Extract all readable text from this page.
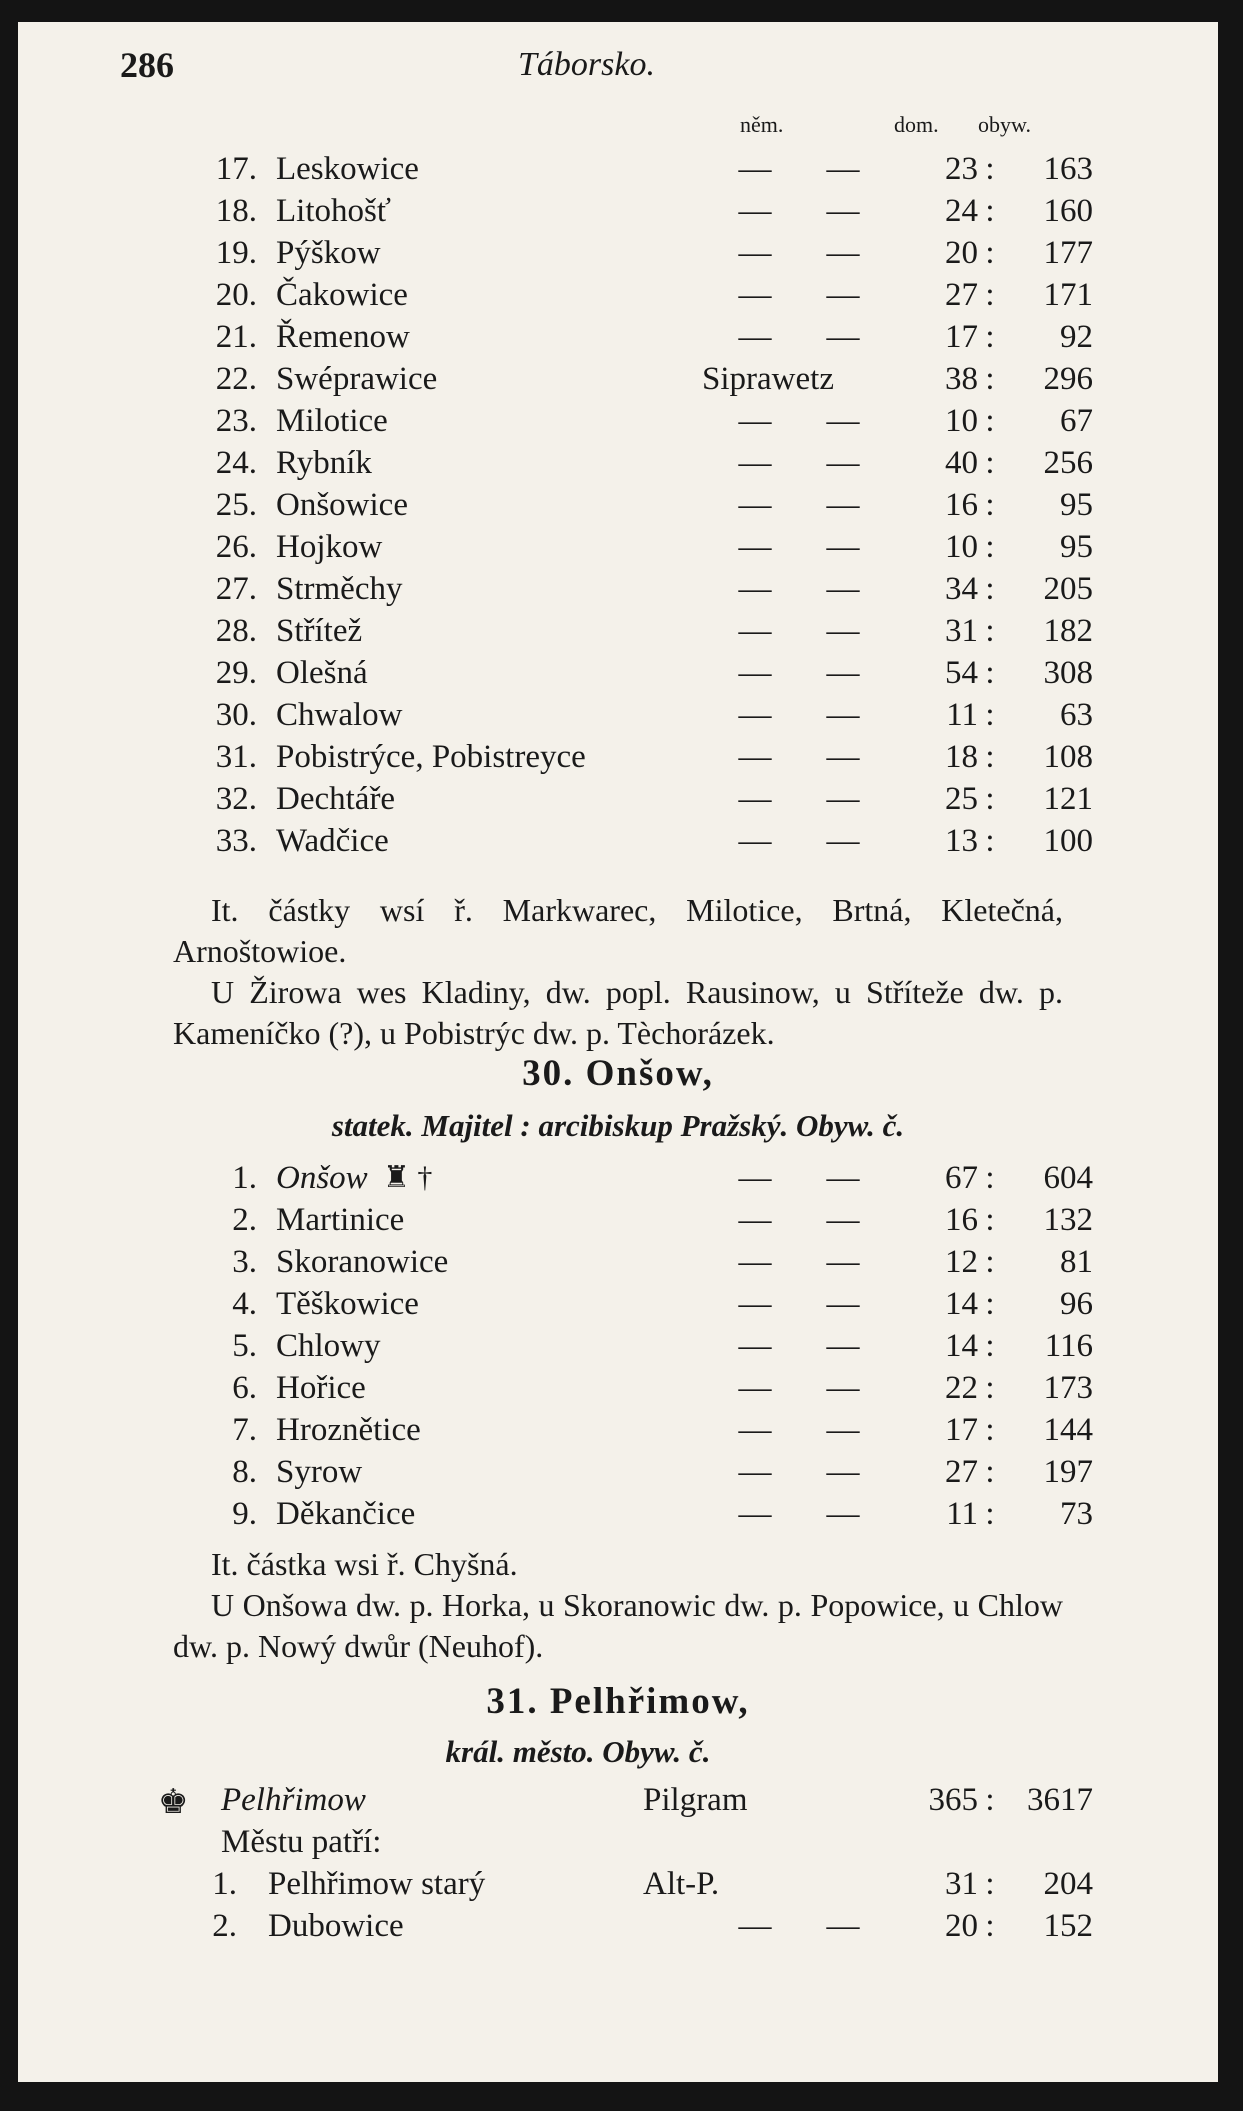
286	Táborsko.
něm.	dom. obyw.
17. Leskowice	— —	23 :	163
18. Litohošť	— —	24 :	160
19. Pýškow	— —	20 :	177
20. Čakowice	— —	27 :	171
21. Řemenow	— —	17 :	92
22. Swéprawice	Siprawetz	38 :	296
23. Milotice	— —	10 :	67
24. Rybník	— —	40 :	256
25. Onšowice	— —	16 :	95
26. Hojkow	— —	10 :	95
27. Strměchy	— —	34 :	205
28. Střítež	— —	31 :	182
29. Olešná	— —	54 :	308
30. Chwalow	— —	11 :	63
31. Pobistrýce, Pobistreyce	— —	18 :	108
32. Dechtáře	— —	25 :	121
33. Wadčice	— —	13 :	100

It. částky wsí ř. Markwarec, Milotice, Brtná, Kletečná, Arnoštowioe.

U Žirowa wes Kladiny, dw. popl. Rausinow, u Stříteže dw. p. Kameníčko (?), u Pobistrýc dw. p. Tèchorázek.

30. Onšow,
statek. Majitel : arcibiskup Pražský. Obyw. č.
1. Onšow ♜ †	— —	67 :	604
2. Martinice	— —	16 :	132
3. Skoranowice	— —	12 :	81
4. Těškowice	— —	14 :	96
5. Chlowy	— —	14 :	116
6. Hořice	— —	22 :	173
7. Hroznětice	— —	17 :	144
8. Syrow	— —	27 :	197
9. Děkančice	— —	11 :	73

It. částka wsi ř. Chyšná.

U Onšowa dw. p. Horka, u Skoranowic dw. p. Popowice, u Chlow dw. p. Nowý dwůr (Neuhof).

31. Pelhřimow,
král. město. Obyw. č.
♚ Pelhřimow	Pilgram	365 : 3617
Městu patří:
1. Pelhřimow starý	Alt-P.	31 :	204
2. Dubowice	— —	20 :	152
